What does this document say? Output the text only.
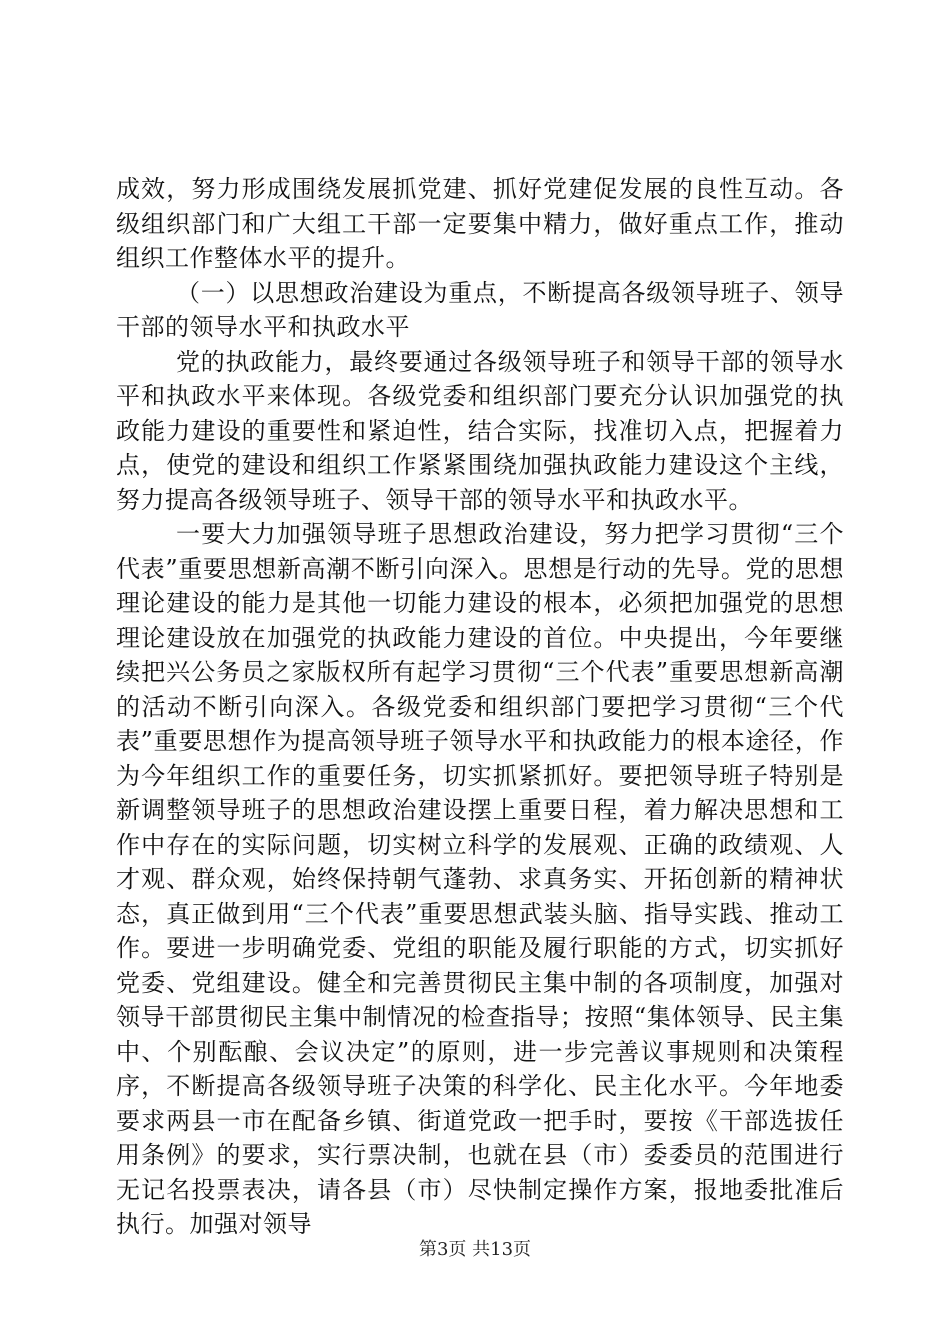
成效，努力形成围绕发展抓党建、抓好党建促发展的良性互动。各级组织部门和广大组工干部一定要集中精力，做好重点工作，推动组织工作整体水平的提升。

（一）以思想政治建设为重点，不断提高各级领导班子、领导干部的领导水平和执政水平

党的执政能力，最终要通过各级领导班子和领导干部的领导水平和执政水平来体现。各级党委和组织部门要充分认识加强党的执政能力建设的重要性和紧迫性，结合实际，找准切入点，把握着力点，使党的建设和组织工作紧紧围绕加强执政能力建设这个主线，努力提高各级领导班子、领导干部的领导水平和执政水平。

一要大力加强领导班子思想政治建设，努力把学习贯彻“三个代表”重要思想新高潮不断引向深入。思想是行动的先导。党的思想理论建设的能力是其他一切能力建设的根本，必须把加强党的思想理论建设放在加强党的执政能力建设的首位。中央提出，今年要继续把兴公务员之家版权所有起学习贯彻“三个代表”重要思想新高潮的活动不断引向深入。各级党委和组织部门要把学习贯彻“三个代表”重要思想作为提高领导班子领导水平和执政能力的根本途径，作为今年组织工作的重要任务，切实抓紧抓好。要把领导班子特别是新调整领导班子的思想政治建设摆上重要日程，着力解决思想和工作中存在的实际问题，切实树立科学的发展观、正确的政绩观、人才观、群众观，始终保持朝气蓬勃、求真务实、开拓创新的精神状态，真正做到用“三个代表”重要思想武装头脑、指导实践、推动工作。要进一步明确党委、党组的职能及履行职能的方式，切实抓好党委、党组建设。健全和完善贯彻民主集中制的各项制度，加强对领导干部贯彻民主集中制情况的检查指导；按照“集体领导、民主集中、个别酝酿、会议决定”的原则，进一步完善议事规则和决策程序，不断提高各级领导班子决策的科学化、民主化水平。今年地委要求两县一市在配备乡镇、街道党政一把手时，要按《干部选拔任用条例》的要求，实行票决制，也就在县（市）委委员的范围进行无记名投票表决，请各县（市）尽快制定操作方案，报地委批准后执行。加强对领导

第3页 共13页
